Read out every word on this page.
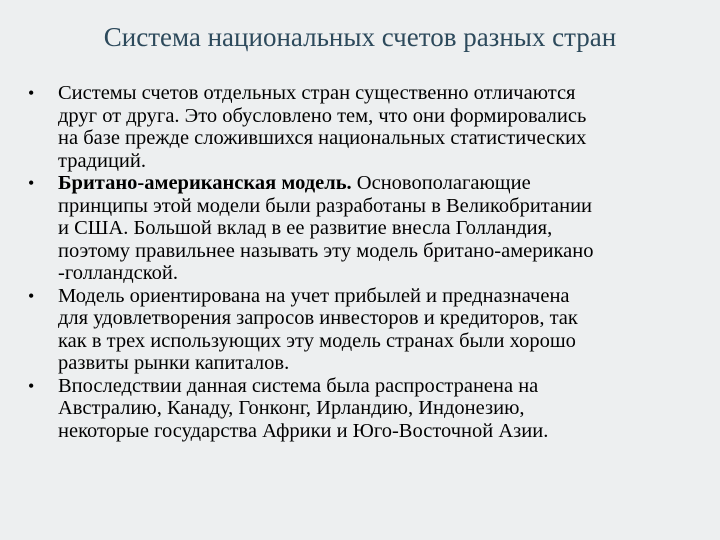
Система национальных счетов разных стран
• Системы счетов отдельных стран существенно отличаются
друг от друга. Это обусловлено тем, что они формировались
на базе прежде сложившихся национальных статистических
традиций.
• Британо-американская модель. Основополагающие
принципы этой модели были разработаны в Великобритании
и США. Большой вклад в ее развитие внесла Голландия,
поэтому правильнее называть эту модель британо-американо
-голландской.
• Модель ориентирована на учет прибылей и предназначена
для удовлетворения запросов инвесторов и кредиторов, так
как в трех использующих эту модель странах были хорошо
развиты рынки капиталов.
• Впоследствии данная система была распространена на
Австралию, Канаду, Гонконг, Ирландию, Индонезию,
некоторые государства Африки и Юго-Восточной Азии.
